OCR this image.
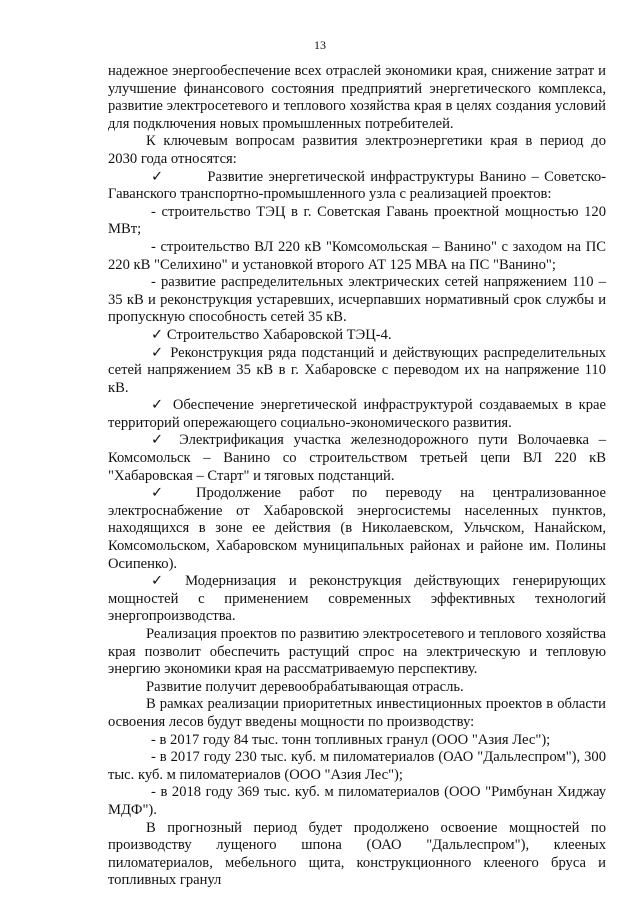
13

надежное энергообеспечение всех отраслей экономики края, снижение затрат и улучшение финансового состояния предприятий энергетического комплекса, развитие электросетевого и теплового хозяйства края в целях создания условий для подключения новых промышленных потребителей.

К ключевым вопросам развития электроэнергетики края в период до 2030 года относятся:

✓        Развитие энергетической инфраструктуры Ванино – Советско-Гаванского транспортно-промышленного узла с реализацией проектов:

- строительство ТЭЦ в г. Советская Гавань проектной мощностью 120 МВт;

- строительство ВЛ 220 кВ "Комсомольская – Ванино" с заходом на ПС 220 кВ "Селихино" и установкой второго АТ 125 МВА на ПС "Ванино";

- развитие распределительных электрических сетей напряжением 110 – 35 кВ и реконструкция устаревших, исчерпавших нормативный срок службы и пропускную способность сетей 35 кВ.

✓ Строительство Хабаровской ТЭЦ-4.

✓ Реконструкция ряда подстанций и действующих распределительных сетей напряжением 35 кВ в г. Хабаровске с переводом их на напряжение 110 кВ.

✓ Обеспечение энергетической инфраструктурой создаваемых в крае территорий опережающего социально-экономического развития.

✓ Электрификация участка железнодорожного пути Волочаевка – Комсомольск – Ванино со строительством третьей цепи ВЛ 220 кВ "Хабаровская – Старт" и тяговых подстанций.

✓ Продолжение работ по переводу на централизованное электроснабжение от Хабаровской энергосистемы населенных пунктов, находящихся в зоне ее действия (в Николаевском, Ульчском, Нанайском, Комсомольском, Хабаровском муниципальных районах и районе им. Полины Осипенко).

✓ Модернизация и реконструкция действующих генерирующих мощностей с применением современных эффективных технологий энергопроизводства.

Реализация проектов по развитию электросетевого и теплового хозяйства края позволит обеспечить растущий спрос на электрическую и тепловую энергию экономики края на рассматриваемую перспективу.

Развитие получит деревообрабатывающая отрасль.

В рамках реализации приоритетных инвестиционных проектов в области освоения лесов будут введены мощности по производству:

- в 2017 году 84 тыс. тонн топливных гранул (ООО "Азия Лес");

- в 2017 году 230 тыс. куб. м пиломатериалов (ОАО "Дальлеспром"), 300 тыс. куб. м пиломатериалов (ООО "Азия Лес");

- в 2018 году 369 тыс. куб. м пиломатериалов (ООО "Римбунан Хиджау МДФ").

В прогнозный период будет продолжено освоение мощностей по производству лущеного шпона (ОАО "Дальлеспром"), клееных пиломатериалов, мебельного щита, конструкционного клееного бруса и топливных гранул
